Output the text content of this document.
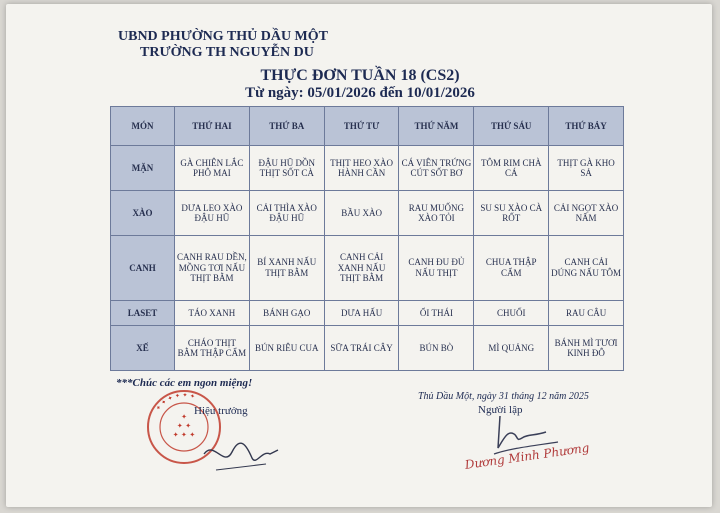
UBND PHƯỜNG THỦ DẦU MỘT
TRƯỜNG TH NGUYỄN DU
THỰC ĐƠN TUẦN 18 (CS2)
Từ ngày: 05/01/2026 đến 10/01/2026
MÓN	THỨ HAI	THỨ BA	THỨ TƯ	THỨ NĂM	THỨ SÁU	THỨ BẢY
MẶN	GÀ CHIÊN LẮC PHÔ MAI	ĐẬU HŨ DỒN THỊT SỐT CÀ	THỊT HEO XÀO HÀNH CẦN	CÁ VIÊN TRỨNG CÚT SỐT BƠ	TÔM RIM CHÀ CÁ	THỊT GÀ KHO SẢ
XÀO	DƯA LEO XÀO ĐẬU HŨ	CẢI THÌA XÀO ĐẬU HŨ	BẦU XÀO	RAU MUỐNG XÀO TỎI	SU SU XÀO CÀ RỐT	CẢI NGỌT XÀO NẤM
CANH	CANH RAU DỀN, MỒNG TƠI NẤU THỊT BẰM	BÍ XANH NẤU THỊT BẰM	CANH CẢI XANH NẤU THỊT BẰM	CANH ĐU ĐỦ NẤU THỊT	CHUA THẬP CẨM	CANH CẢI DÚNG NẤU TÔM
LASET	TÁO XANH	BÁNH GẠO	DƯA HẤU	ỔI THÁI	CHUỐI	RAU CÂU
XẾ	CHÁO THỊT BẰM THẬP CẨM	BÚN RIÊU CUA	SỮA TRÁI CÂY	BÚN BÒ	MÌ QUẢNG	BÁNH MÌ TƯƠI KINH ĐÔ
***Chúc các em ngon miệng!
✦ ✦ ✦ ✦ ✦ ✦
✦
✦ ✦
✦ ✦ ✦
Hiệu trưởng
Thủ Dầu Một, ngày 31 tháng 12 năm 2025
Người lập
Dương Minh Phương
